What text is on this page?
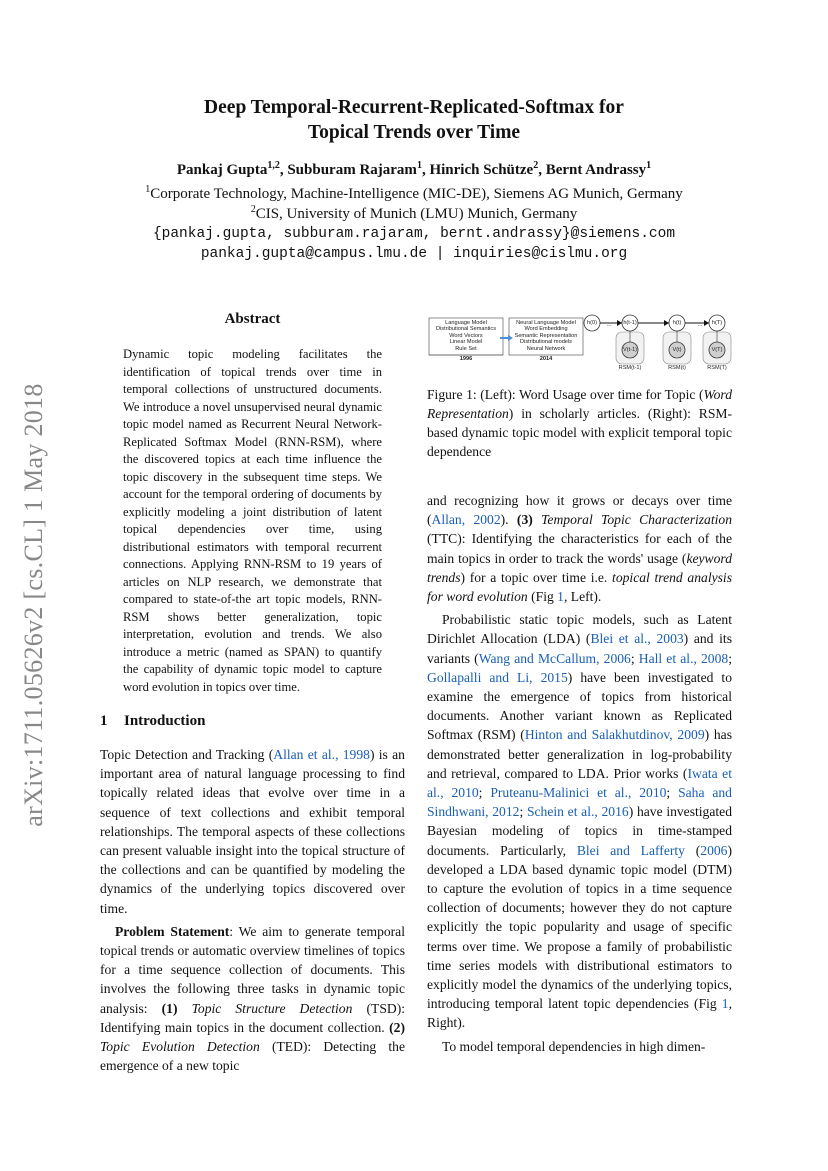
arXiv:1711.05626v2 [cs.CL] 1 May 2018
Deep Temporal-Recurrent-Replicated-Softmax for
Topical Trends over Time
Pankaj Gupta$^{1,2}$, Subburam Rajaram$^1$, Hinrich Schütze$^2$, Bernt Andrassy$^1$
$^1$Corporate Technology, Machine-Intelligence (MIC-DE), Siemens AG Munich, Germany
$^2$CIS, University of Munich (LMU) Munich, Germany
{pankaj.gupta, subburam.rajaram, bernt.andrassy}@siemens.com
pankaj.gupta@campus.lmu.de | inquiries@cislmu.org
Abstract
Dynamic topic modeling facilitates the identification of topical trends over time in temporal collections of unstructured documents. We introduce a novel unsupervised neural dynamic topic model named as Recurrent Neural Network-Replicated Softmax Model (RNN-RSM), where the discovered topics at each time influence the topic discovery in the subsequent time steps. We account for the temporal ordering of documents by explicitly modeling a joint distribution of latent topical dependencies over time, using distributional estimators with temporal recurrent connections. Applying RNN-RSM to 19 years of articles on NLP research, we demonstrate that compared to state-of-the art topic models, RNN-RSM shows better generalization, topic interpretation, evolution and trends. We also introduce a metric (named as SPAN) to quantify the capability of dynamic topic model to capture word evolution in topics over time.
1 Introduction

Topic Detection and Tracking (Allan et al., 1998) is an important area of natural language processing to find topically related ideas that evolve over time in a sequence of text collections and exhibit temporal relationships. The temporal aspects of these collections can present valuable insight into the topical structure of the collections and can be quantified by modeling the dynamics of the underlying topics discovered over time.

Problem Statement: We aim to generate temporal topical trends or automatic overview timelines of topics for a time sequence collection of documents. This involves the following three tasks in dynamic topic analysis: (1) Topic Structure Detection (TSD): Identifying main topics in the document collection. (2) Topic Evolution Detection (TED): Detecting the emergence of a new topic

and recognizing how it grows or decays over time (Allan, 2002). (3) Temporal Topic Characterization (TTC): Identifying the characteristics for each of the main topics in order to track the words' usage (keyword trends) for a topic over time i.e. topical trend analysis for word evolution (Fig 1, Left).

Probabilistic static topic models, such as Latent Dirichlet Allocation (LDA) (Blei et al., 2003) and its variants (Wang and McCallum, 2006; Hall et al., 2008; Gollapalli and Li, 2015) have been investigated to examine the emergence of topics from historical documents. Another variant known as Replicated Softmax (RSM) (Hinton and Salakhutdinov, 2009) has demonstrated better generalization in log-probability and retrieval, compared to LDA. Prior works (Iwata et al., 2010; Pruteanu-Malinici et al., 2010; Saha and Sindhwani, 2012; Schein et al., 2016) have investigated Bayesian modeling of topics in time-stamped documents. Particularly, Blei and Lafferty (2006) developed a LDA based dynamic topic model (DTM) to capture the evolution of topics in a time sequence collection of documents; however they do not capture explicitly the topic popularity and usage of specific terms over time. We propose a family of probabilistic time series models with distributional estimators to explicitly model the dynamics of the underlying topics, introducing temporal latent topic dependencies (Fig 1, Right).

To model temporal dependencies in high dimen-

Language Model
Distributional Semantics
Word Vectors
Linear Model
Rule Set
1996
Neural Language Model
Word Embedding
Semantic Representation
Distributional models
Neural Network
2014
h(0)	h(t-1)	h(t)	h(T)
...	...
V(t-1)	V(t)	V(T)
RSM(t-1)	RSM(t)	RSM(T)
Figure 1: (Left): Word Usage over time for Topic (Word Representation) in scholarly articles. (Right): RSM-based dynamic topic model with explicit temporal topic dependence
